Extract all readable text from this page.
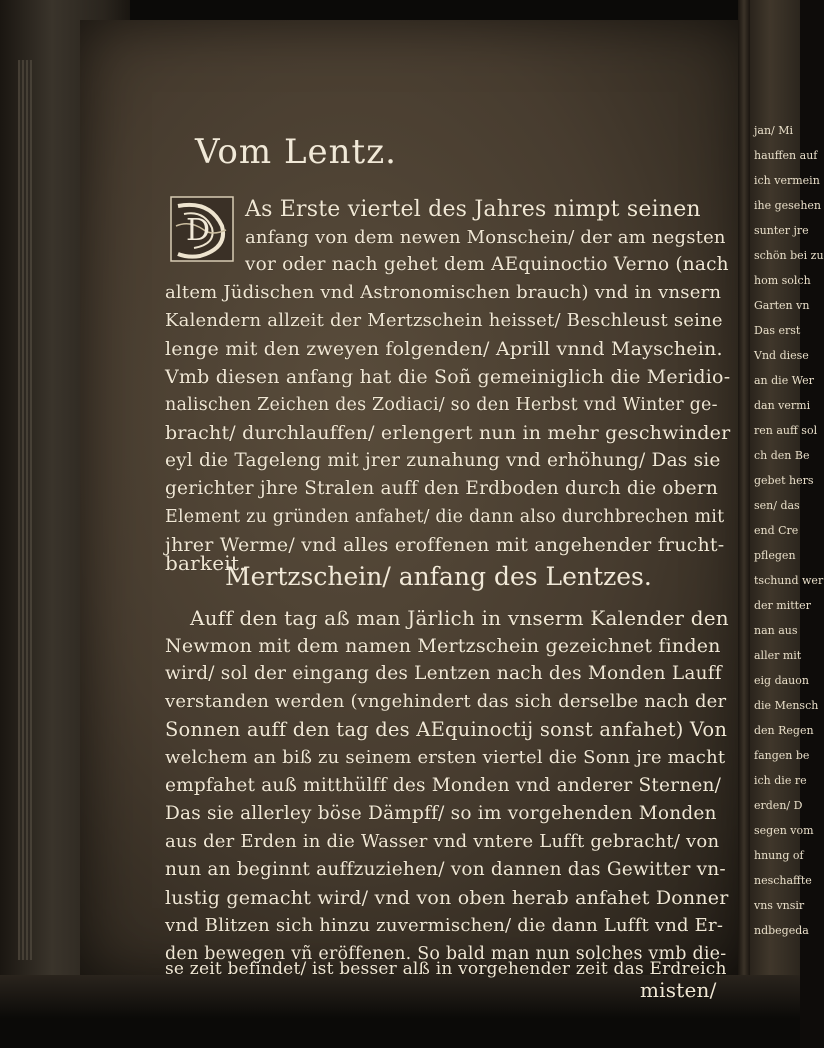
jan/ Mi
hauffen auf
ich vermein
ihe gesehen
sunter jre
schön bei zu
hom solch
Garten vn
Das erst
Vnd diese
an die Wer
dan vermi
ren auff sol
ch den Be
gebet hers
sen/ das
end Cre
pflegen
tschund wer
der mitter
nan aus
aller mit
eig dauon
die Mensch
den Regen
fangen be
ich die re
erden/ D
segen vom
hnung of
neschaffte
vns vnsir
ndbegeda
Vom Lentz.
D
As Erste viertel des Jahres nimpt seinen
anfang von dem newen Monschein/ der am negsten
vor oder nach gehet dem AEquinoctio Verno (nach
altem Jüdischen vnd Astronomischen brauch) vnd in vnsern
Kalendern allzeit der Mertzschein heisset/ Beschleust seine
lenge mit den zweyen folgenden/ Aprill vnnd Mayschein.
Vmb diesen anfang hat die Soñ gemeiniglich die Meridio-
nalischen Zeichen des Zodiaci/ so den Herbst vnd Winter ge-
bracht/ durchlauffen/ erlengert nun in mehr geschwinder
eyl die Tageleng mit jrer zunahung vnd erhöhung/ Das sie
gerichter jhre Stralen auff den Erdboden durch die obern
Element zu gründen anfahet/ die dann also durchbrechen mit
jhrer Werme/ vnd alles eroffenen mit angehender frucht-
barkeit.
Mertzschein/ anfang des Lentzes.
Auff den tag aß man Järlich in vnserm Kalender den
Newmon mit dem namen Mertzschein gezeichnet finden
wird/ sol der eingang des Lentzen nach des Monden Lauff
verstanden werden (vngehindert das sich derselbe nach der
Sonnen auff den tag des AEquinoctij sonst anfahet) Von
welchem an biß zu seinem ersten viertel die Sonn jre macht
empfahet auß mitthülff des Monden vnd anderer Sternen/
Das sie allerley böse Dämpff/ so im vorgehenden Monden
aus der Erden in die Wasser vnd vntere Lufft gebracht/ von
nun an beginnt auffzuziehen/ von dannen das Gewitter vn-
lustig gemacht wird/ vnd von oben herab anfahet Donner
vnd Blitzen sich hinzu zuvermischen/ die dann Lufft vnd Er-
den bewegen vñ eröffenen. So bald man nun solches vmb die-
se zeit befindet/ ist besser alß in vorgehender zeit das Erdreich
misten/
